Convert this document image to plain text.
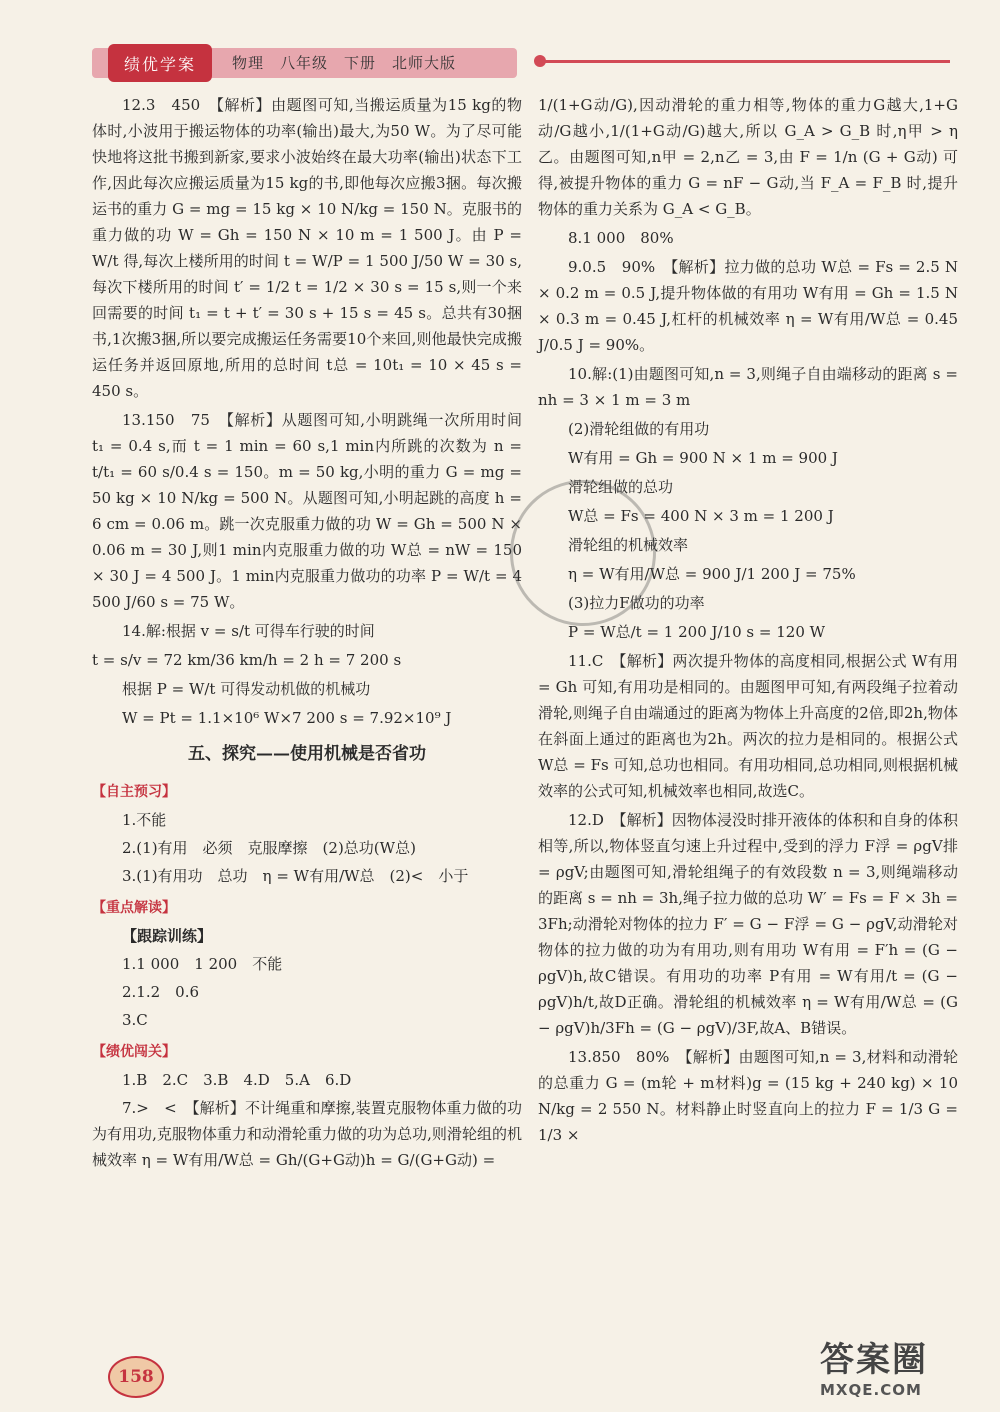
绩优学案	物理　八年级　下册　北师大版

12.3　450　【解析】由题图可知,当搬运质量为15 kg的物体时,小波用于搬运物体的功率(输出)最大,为50 W。为了尽可能快地将这批书搬到新家,要求小波始终在最大功率(输出)状态下工作,因此每次应搬运质量为15 kg的书,即他每次应搬3捆。每次搬运书的重力 G = mg = 15 kg × 10 N/kg = 150 N。克服书的重力做的功 W = Gh = 150 N × 10 m = 1 500 J。由 P = W/t 得,每次上楼所用的时间 t = W/P = 1 500 J/50 W = 30 s,每次下楼所用的时间 t′ = 1/2 t = 1/2 × 30 s = 15 s,则一个来回需要的时间 t₁ = t + t′ = 30 s + 15 s = 45 s。总共有30捆书,1次搬3捆,所以要完成搬运任务需要10个来回,则他最快完成搬运任务并返回原地,所用的总时间 t总 = 10t₁ = 10 × 45 s = 450 s。

13.150　75　【解析】从题图可知,小明跳绳一次所用时间 t₁ = 0.4 s,而 t = 1 min = 60 s,1 min内所跳的次数为 n = t/t₁ = 60 s/0.4 s = 150。m = 50 kg,小明的重力 G = mg = 50 kg × 10 N/kg = 500 N。从题图可知,小明起跳的高度 h = 6 cm = 0.06 m。跳一次克服重力做的功 W = Gh = 500 N × 0.06 m = 30 J,则1 min内克服重力做的功 W总 = nW = 150 × 30 J = 4 500 J。1 min内克服重力做功的功率 P = W/t = 4 500 J/60 s = 75 W。

14.解:根据 v = s/t 可得车行驶的时间

t = s/v = 72 km/36 km/h = 2 h = 7 200 s

根据 P = W/t 可得发动机做的机械功

W = Pt = 1.1×10⁶ W×7 200 s = 7.92×10⁹ J

五、探究——使用机械是否省功
【自主预习】
1.不能
2.(1)有用　必须　克服摩擦　(2)总功(W总)
3.(1)有用功　总功　η = W有用/W总　(2)<　小于
【重点解读】
【跟踪训练】
1.1 000　1 200　不能
2.1.2　0.6
3.C
【绩优闯关】
1.B　2.C　3.B　4.D　5.A　6.D

7.>　<　【解析】不计绳重和摩擦,装置克服物体重力做的功为有用功,克服物体重力和动滑轮重力做的功为总功,则滑轮组的机械效率 η = W有用/W总 = Gh/(G+G动)h = G/(G+G动) =

1/(1+G动/G),因动滑轮的重力相等,物体的重力G越大,1+G动/G越小,1/(1+G动/G)越大,所以 G_A > G_B 时,η甲 > η乙。由题图可知,n甲 = 2,n乙 = 3,由 F = 1/n (G + G动) 可得,被提升物体的重力 G = nF − G动,当 F_A = F_B 时,提升物体的重力关系为 G_A < G_B。

8.1 000　80%

9.0.5　90%　【解析】拉力做的总功 W总 = Fs = 2.5 N × 0.2 m = 0.5 J,提升物体做的有用功 W有用 = Gh = 1.5 N × 0.3 m = 0.45 J,杠杆的机械效率 η = W有用/W总 = 0.45 J/0.5 J = 90%。

10.解:(1)由题图可知,n = 3,则绳子自由端移动的距离 s = nh = 3 × 1 m = 3 m

(2)滑轮组做的有用功

W有用 = Gh = 900 N × 1 m = 900 J

滑轮组做的总功

W总 = Fs = 400 N × 3 m = 1 200 J

滑轮组的机械效率

η = W有用/W总 = 900 J/1 200 J = 75%

(3)拉力F做功的功率

P = W总/t = 1 200 J/10 s = 120 W

11.C　【解析】两次提升物体的高度相同,根据公式 W有用 = Gh 可知,有用功是相同的。由题图甲可知,有两段绳子拉着动滑轮,则绳子自由端通过的距离为物体上升高度的2倍,即2h,物体在斜面上通过的距离也为2h。两次的拉力是相同的。根据公式 W总 = Fs 可知,总功也相同。有用功相同,总功相同,则根据机械效率的公式可知,机械效率也相同,故选C。

12.D　【解析】因物体浸没时排开液体的体积和自身的体积相等,所以,物体竖直匀速上升过程中,受到的浮力 F浮 = ρgV排 = ρgV;由题图可知,滑轮组绳子的有效段数 n = 3,则绳端移动的距离 s = nh = 3h,绳子拉力做的总功 W′ = Fs = F × 3h = 3Fh;动滑轮对物体的拉力 F′ = G − F浮 = G − ρgV,动滑轮对物体的拉力做的功为有用功,则有用功 W有用 = F′h = (G − ρgV)h,故C错误。有用功的功率 P有用 = W有用/t = (G − ρgV)h/t,故D正确。滑轮组的机械效率 η = W有用/W总 = (G − ρgV)h/3Fh = (G − ρgV)/3F,故A、B错误。

13.850　80%　【解析】由题图可知,n = 3,材料和动滑轮的总重力 G = (m轮 + m材料)g = (15 kg + 240 kg) × 10 N/kg = 2 550 N。材料静止时竖直向上的拉力 F = 1/3 G = 1/3 ×

158	答案圈
MXQE.COM
